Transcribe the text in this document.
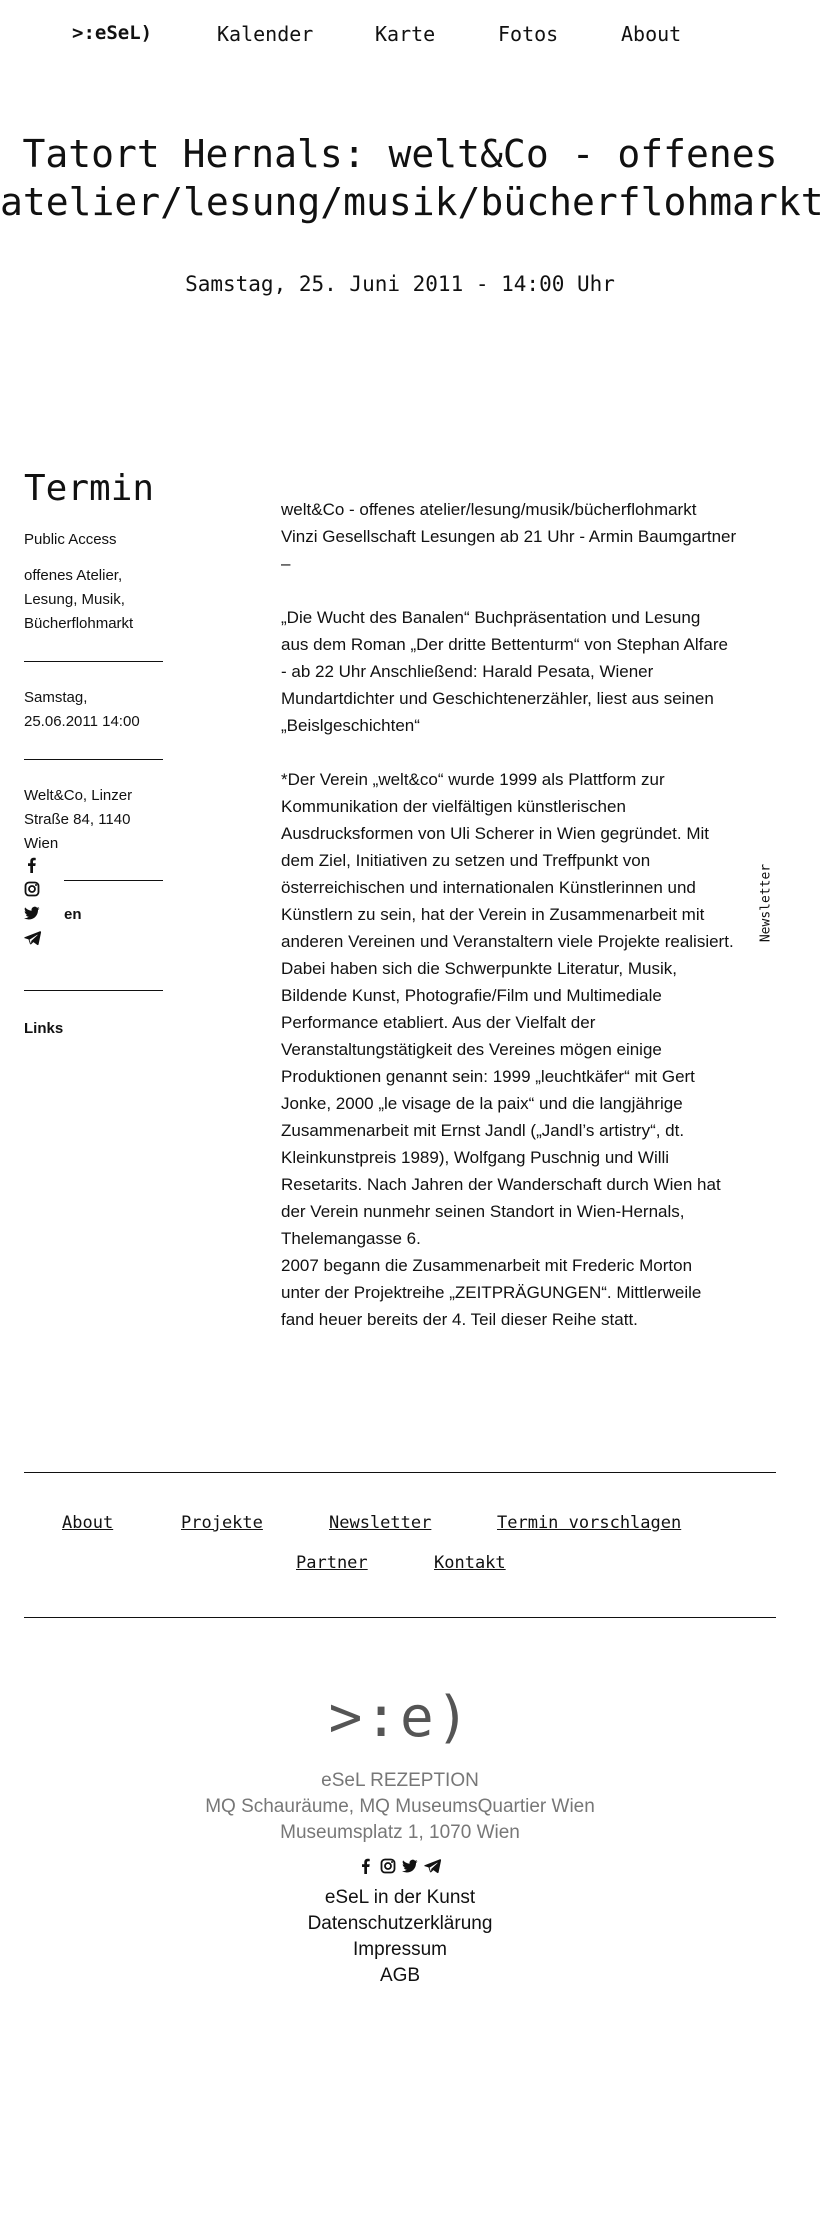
>:eSeL)	Kalender	Karte	Fotos	About
Tatort Hernals: welt&Co - offenes
atelier/lesung/musik/bücherflohmarkt
Samstag, 25. Juni 2011 - 14:00 Uhr
Termin
Public Access
offenes Atelier,
Lesung, Musik,
Bücherflohmarkt
Samstag,
25.06.2011 14:00
Welt&Co, Linzer
Straße 84, 1140
Wien
en
Links

welt&Co - offenes atelier/lesung/musik/bücherflohmarkt
Vinzi Gesellschaft Lesungen ab 21 Uhr - Armin Baumgartner
–

„Die Wucht des Banalen“ Buchpräsentation und Lesung
aus dem Roman „Der dritte Bettenturm“ von Stephan Alfare
- ab 22 Uhr Anschließend: Harald Pesata, Wiener
Mundartdichter und Geschichtenerzähler, liest aus seinen
„Beislgeschichten“

*Der Verein „welt&co“ wurde 1999 als Plattform zur
Kommunikation der vielfältigen künstlerischen
Ausdrucksformen von Uli Scherer in Wien gegründet. Mit
dem Ziel, Initiativen zu setzen und Treffpunkt von
österreichischen und internationalen Künstlerinnen und
Künstlern zu sein, hat der Verein in Zusammenarbeit mit
anderen Vereinen und Veranstaltern viele Projekte realisiert.
Dabei haben sich die Schwerpunkte Literatur, Musik,
Bildende Kunst, Photografie/Film und Multimediale
Performance etabliert. Aus der Vielfalt der
Veranstaltungstätigkeit des Vereines mögen einige
Produktionen genannt sein: 1999 „leuchtkäfer“ mit Gert
Jonke, 2000 „le visage de la paix“ und die langjährige
Zusammenarbeit mit Ernst Jandl („Jandl’s artistry“, dt.
Kleinkunstpreis 1989), Wolfgang Puschnig und Willi
Resetarits. Nach Jahren der Wanderschaft durch Wien hat
der Verein nunmehr seinen Standort in Wien-Hernals,
Thelemangasse 6.
2007 begann die Zusammenarbeit mit Frederic Morton
unter der Projektreihe „ZEITPRÄGUNGEN“. Mittlerweile
fand heuer bereits der 4. Teil dieser Reihe statt.

Newsletter
About	Projekte	Newsletter	Termin vorschlagen
Partner	Kontakt
>:e)
eSeL REZEPTION
MQ Schauräume, MQ MuseumsQuartier Wien
Museumsplatz 1, 1070 Wien
eSeL in der Kunst
Datenschutzerklärung
Impressum
AGB
